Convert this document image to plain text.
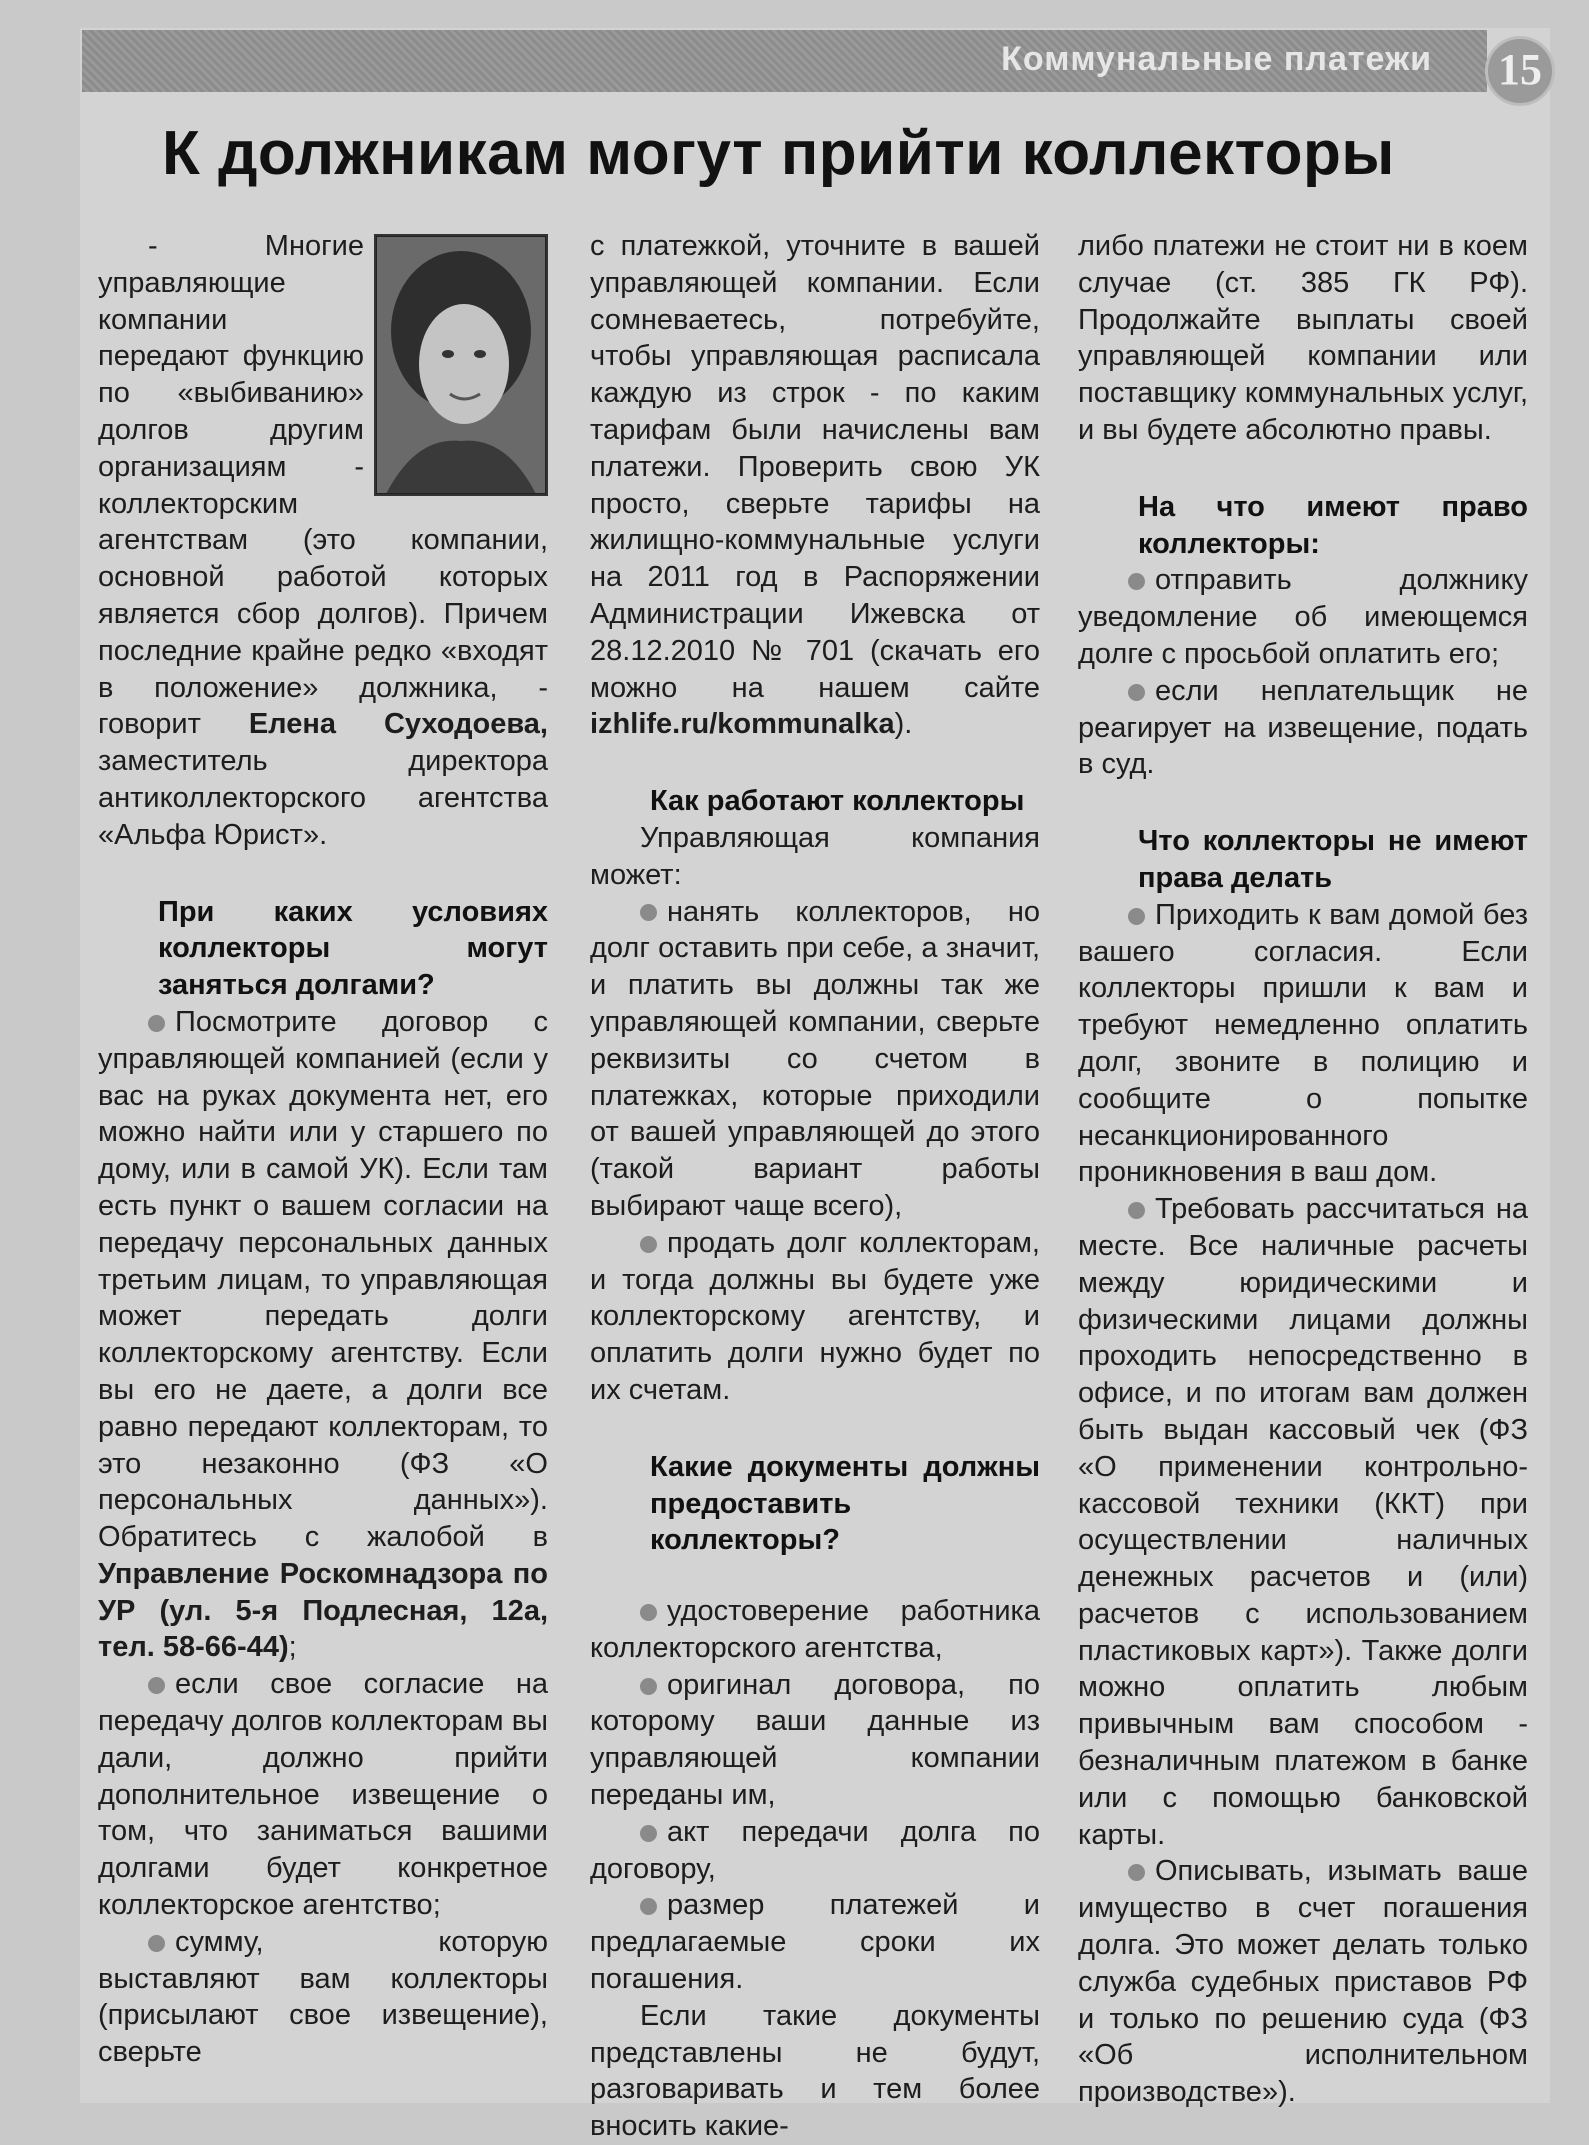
Коммунальные платежи 15
К должникам могут прийти коллекторы

- Многие управляющие компании передают функцию по «выбиванию» долгов другим организациям - коллекторским агентствам (это компании, основной работой которых является сбор долгов). Причем последние крайне редко «входят в положение» должника, - говорит Елена Суходоева, заместитель директора антиколлекторского агентства «Альфа Юрист».

При каких условиях коллекторы могут заняться долгами?

Посмотрите договор с управляющей компанией (если у вас на руках документа нет, его можно найти или у старшего по дому, или в самой УК). Если там есть пункт о вашем согласии на передачу персональных данных третьим лицам, то управляющая может передать долги коллекторскому агентству. Если вы его не даете, а долги все равно передают коллекторам, то это незаконно (ФЗ «О персональных данных»). Обратитесь с жалобой в Управление Роскомнадзора по УР (ул. 5-я Подлесная, 12а, тел. 58-66-44);

если свое согласие на передачу долгов коллекторам вы дали, должно прийти дополнительное извещение о том, что заниматься вашими долгами будет конкретное коллекторское агентство;

сумму, которую выставляют вам коллекторы (присылают свое извещение), сверьте

с платежкой, уточните в вашей управляющей компании. Если сомневаетесь, потребуйте, чтобы управляющая расписала каждую из строк - по каким тарифам были начислены вам платежи. Проверить свою УК просто, сверьте тарифы на жилищно-коммунальные услуги на 2011 год в Распоряжении Администрации Ижевска от 28.12.2010 № 701 (скачать его можно на нашем сайте izhlife.ru/kommunalka).

Как работают коллекторы

Управляющая компания может:

нанять коллекторов, но долг оставить при себе, а значит, и платить вы должны так же управляющей компании, сверьте реквизиты со счетом в платежках, которые приходили от вашей управляющей до этого (такой вариант работы выбирают чаще всего),

продать долг коллекторам, и тогда должны вы будете уже коллекторскому агентству, и оплатить долги нужно будет по их счетам.

Какие документы должны предоставить коллекторы?

удостоверение работника коллекторского агентства,

оригинал договора, по которому ваши данные из управляющей компании переданы им,

акт передачи долга по договору,

размер платежей и предлагаемые сроки их погашения.

Если такие документы представлены не будут, разговаривать и тем более вносить какие-

либо платежи не стоит ни в коем случае (ст. 385 ГК РФ). Продолжайте выплаты своей управляющей компании или поставщику коммунальных услуг, и вы будете абсолютно правы.

На что имеют право коллекторы:

отправить должнику уведомление об имеющемся долге с просьбой оплатить его;

если неплательщик не реагирует на извещение, подать в суд.

Что коллекторы не имеют права делать

Приходить к вам домой без вашего согласия. Если коллекторы пришли к вам и требуют немедленно оплатить долг, звоните в полицию и сообщите о попытке несанкционированного проникновения в ваш дом.

Требовать рассчитаться на месте. Все наличные расчеты между юридическими и физическими лицами должны проходить непосредственно в офисе, и по итогам вам должен быть выдан кассовый чек (ФЗ «О применении контрольно-кассовой техники (ККТ) при осуществлении наличных денежных расчетов и (или) расчетов с использованием пластиковых карт»). Также долги можно оплатить любым привычным вам способом - безналичным платежом в банке или с помощью банковской карты.

Описывать, изымать ваше имущество в счет погашения долга. Это может делать только служба судебных приставов РФ и только по решению суда (ФЗ «Об исполнительном производстве»).
